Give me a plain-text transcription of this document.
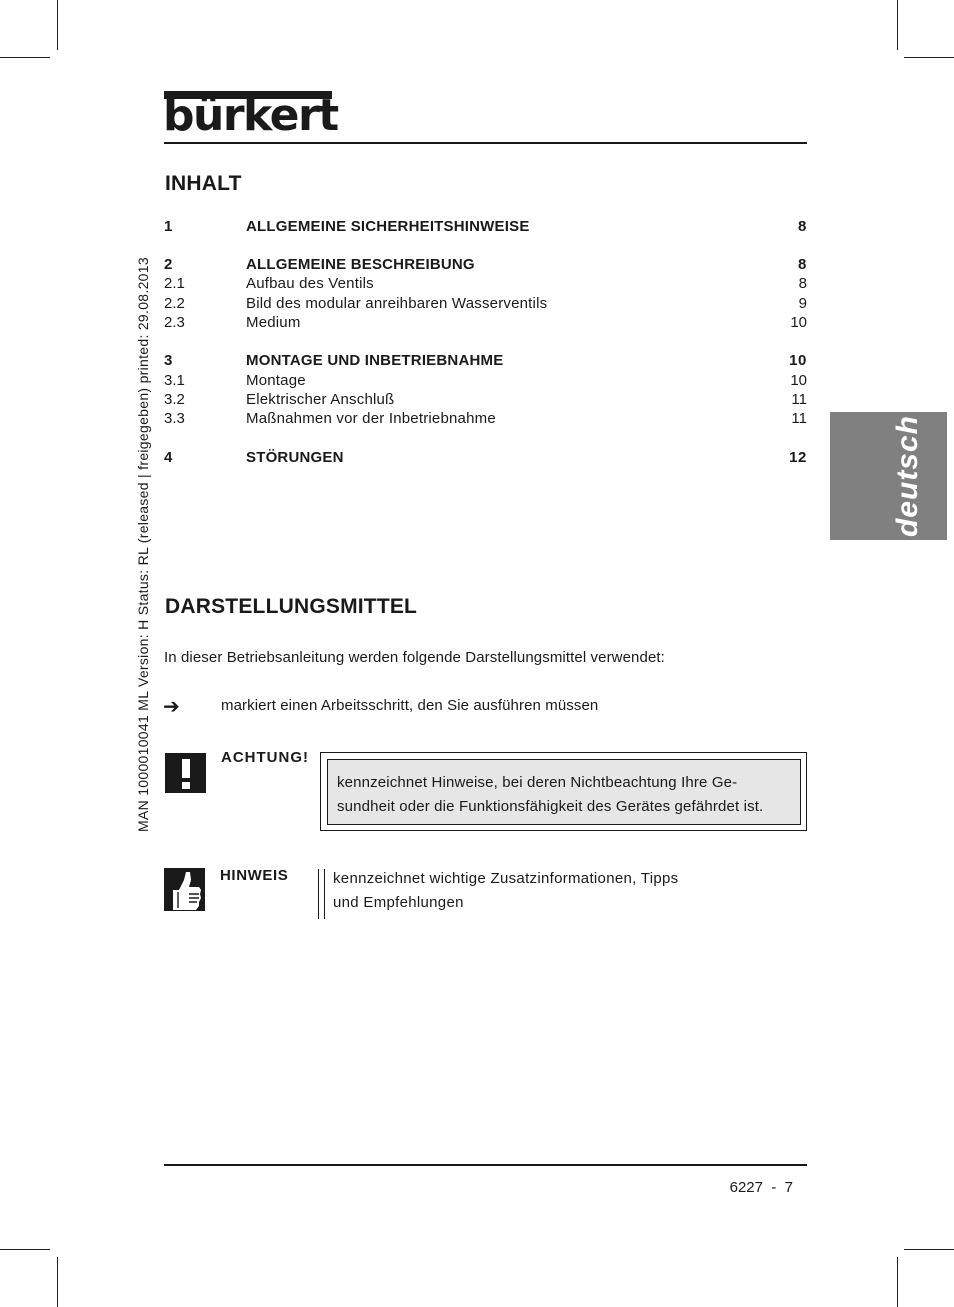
bürkert
MAN 1000010041 ML Version: H Status: RL (released | freigegeben) printed: 29.08.2013	deutsch
INHALT
1	ALLGEMEINE SICHERHEITSHINWEISE	8
2	ALLGEMEINE BESCHREIBUNG	8
2.1	Aufbau des Ventils	8
2.2	Bild des modular anreihbaren Wasserventils	9
2.3	Medium	10
3	MONTAGE UND INBETRIEBNAHME	10
3.1	Montage	10
3.2	Elektrischer Anschluß	11
3.3	Maßnahmen vor der Inbetriebnahme	11
4	STÖRUNGEN	12
DARSTELLUNGSMITTEL
In dieser Betriebsanleitung werden folgende Darstellungsmittel verwendet:
➔	markiert einen Arbeitsschritt, den Sie ausführen müssen
ACHTUNG!
kennzeichnet Hinweise, bei deren Nichtbeachtung Ihre Ge-
sundheit oder die Funktionsfähigkeit des Gerätes gefährdet ist.
HINWEIS	kennzeichnet wichtige Zusatzinformationen, Tipps
und Empfehlungen
6227  -  7
